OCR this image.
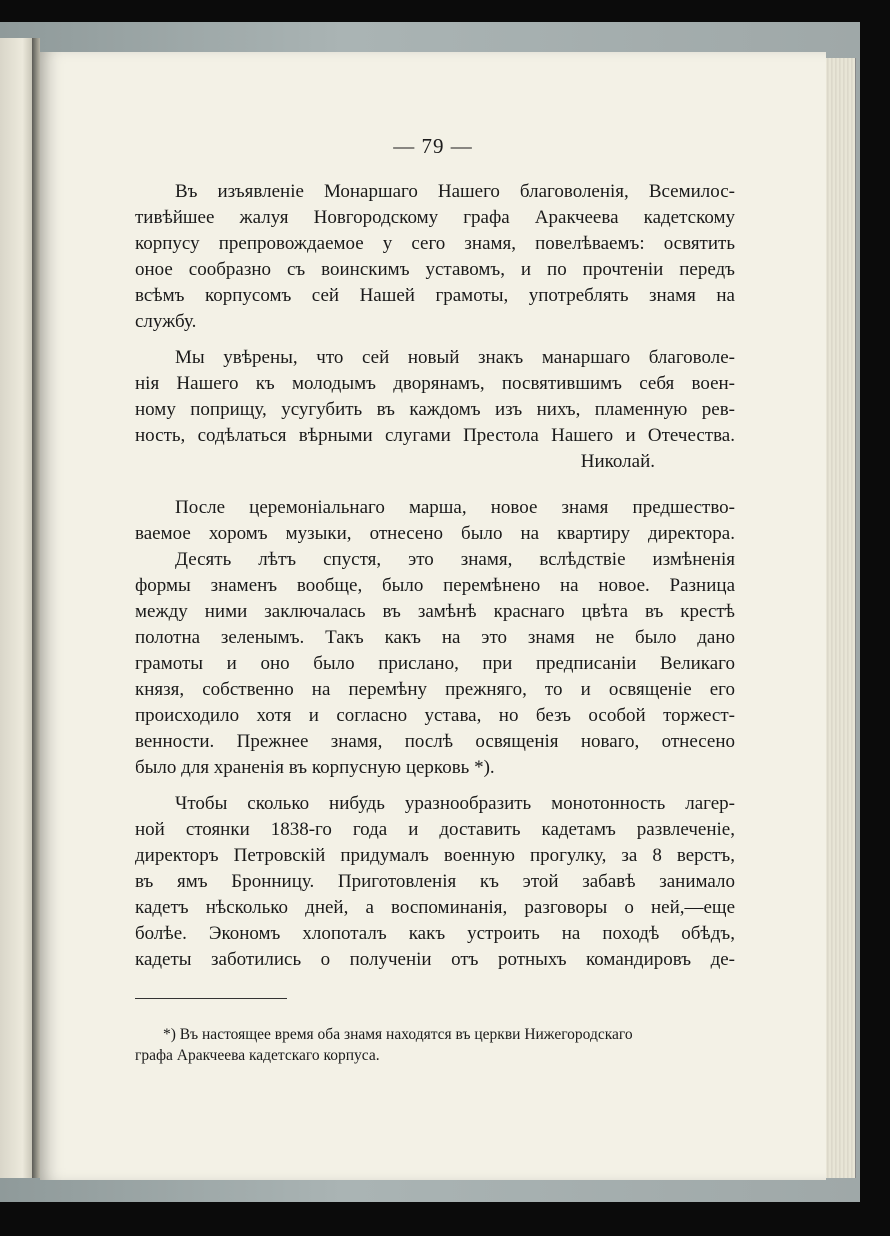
— 79 —

Въ изъявленіе Монаршаго Нашего благоволенія, Всемилос-
тивѣйшее жалуя Новгородскому графа Аракчеева кадетскому
корпусу препровождаемое у сего знамя, повелѣваемъ: освятить
оное сообразно съ воинскимъ уставомъ, и по прочтеніи передъ
всѣмъ корпусомъ сей Нашей грамоты, употреблять знамя на
службу.

Мы увѣрены, что сей новый знакъ манаршаго благоволе-
нія Нашего къ молодымъ дворянамъ, посвятившимъ себя воен-
ному поприщу, усугубить въ каждомъ изъ нихъ, пламенную рев-
ность, содѣлаться вѣрными слугами Престола Нашего и Отечества.

Николай.

После церемоніальнаго марша, новое знамя предшество-
ваемое хоромъ музыки, отнесено было на квартиру директора.

Десять лѣтъ спустя, это знамя, вслѣдствіе измѣненія
формы знаменъ вообще, было перемѣнено на новое. Разница
между ними заключалась въ замѣнѣ краснаго цвѣта въ крестѣ
полотна зеленымъ. Такъ какъ на это знамя не было дано
грамоты и оно было прислано, при предписаніи Великаго
князя, собственно на перемѣну прежняго, то и освященіе его
происходило хотя и согласно устава, но безъ особой торжест-
венности. Прежнее знамя, послѣ освященія новаго, отнесено
было для храненія въ корпусную церковь *).

Чтобы сколько нибудь уразнообразить монотонность лагер-
ной стоянки 1838-го года и доставить кадетамъ развлеченіе,
директоръ Петровскій придумалъ военную прогулку, за 8 верстъ,
въ ямъ Бронницу. Приготовленія къ этой забавѣ занимало
кадетъ нѣсколько дней, а воспоминанія, разговоры о ней,—еще
болѣе. Экономъ хлопоталъ какъ устроить на походѣ обѣдъ,
кадеты заботились о полученіи отъ ротныхъ командировъ де-

*) Въ настоящее время оба знамя находятся въ церкви Нижегородскаго
графа Аракчеева кадетскаго корпуса.
